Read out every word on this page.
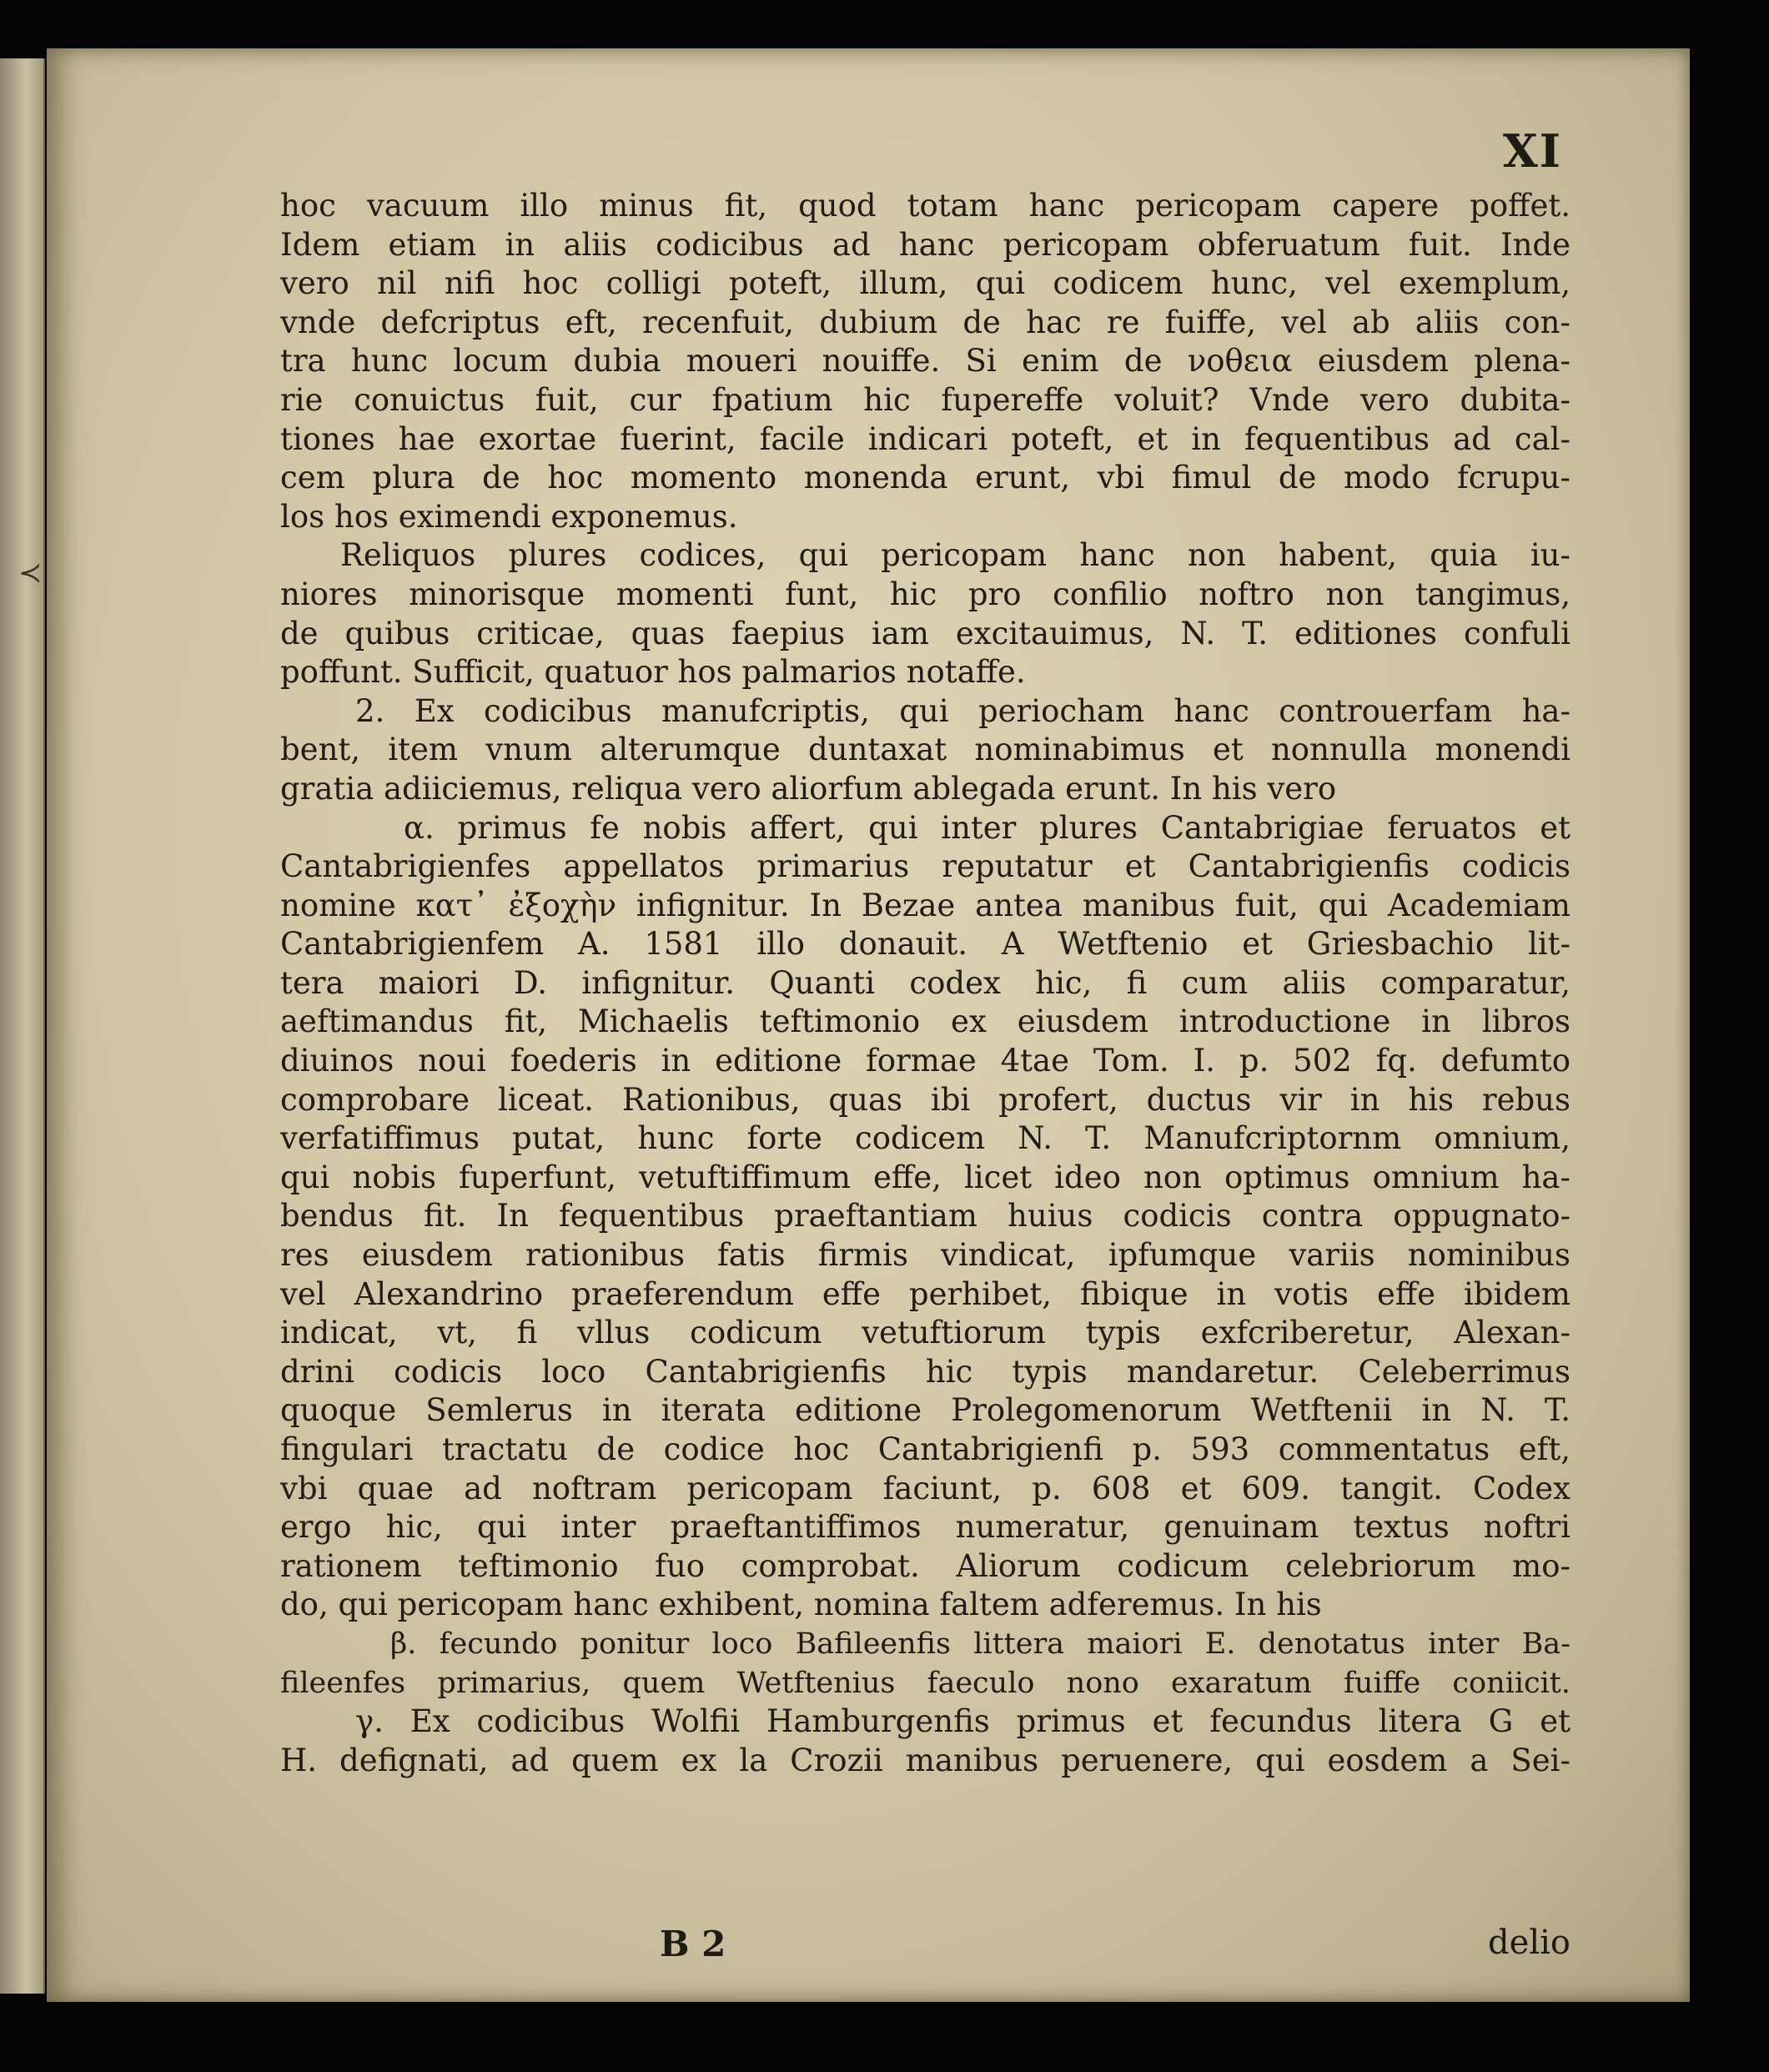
≺
XI
hoc vacuum illo minus fit, quod totam hanc pericopam capere poffet.
Idem etiam in aliis codicibus ad hanc pericopam obferuatum fuit. Inde
vero nil nifi hoc colligi poteft, illum, qui codicem hunc, vel exemplum,
vnde defcriptus eft, recenfuit, dubium de hac re fuiffe, vel ab aliis con-
tra hunc locum dubia moueri nouiffe. Si enim de νοθεια eiusdem plena-
rie conuictus fuit, cur fpatium hic fupereffe voluit? Vnde vero dubita-
tiones hae exortae fuerint, facile indicari poteft, et in fequentibus ad cal-
cem plura de hoc momento monenda erunt, vbi fimul de modo fcrupu-
los hos eximendi exponemus.
Reliquos plures codices, qui pericopam hanc non habent, quia iu-
niores minorisque momenti funt, hic pro confilio noftro non tangimus,
de quibus criticae, quas faepius iam excitauimus, N. T. editiones confuli
poffunt. Sufficit, quatuor hos palmarios notaffe.
2. Ex codicibus manufcriptis, qui periocham hanc controuerfam ha-
bent, item vnum alterumque duntaxat nominabimus et nonnulla monendi
gratia adiiciemus, reliqua vero aliorfum ablegada erunt. In his vero
α. primus fe nobis affert, qui inter plures Cantabrigiae feruatos et
Cantabrigienfes appellatos primarius reputatur et Cantabrigienfis codicis
nomine κατ᾽ ἐξοχὴν infignitur. In Bezae antea manibus fuit, qui Academiam
Cantabrigienfem A. 1581 illo donauit. A Wetftenio et Griesbachio lit-
tera maiori D. infignitur. Quanti codex hic, fi cum aliis comparatur,
aeftimandus fit, Michaelis teftimonio ex eiusdem introductione in libros
diuinos noui foederis in editione formae 4tae Tom. I. p. 502 fq. defumto
comprobare liceat. Rationibus, quas ibi profert, ductus vir in his rebus
verfatiffimus putat, hunc forte codicem N. T. Manufcriptornm omnium,
qui nobis fuperfunt, vetuftiffimum effe, licet ideo non optimus omnium ha-
bendus fit. In fequentibus praeftantiam huius codicis contra oppugnato-
res eiusdem rationibus fatis firmis vindicat, ipfumque variis nominibus
vel Alexandrino praeferendum effe perhibet, fibique in votis effe ibidem
indicat, vt, fi vllus codicum vetuftiorum typis exfcriberetur, Alexan-
drini codicis loco Cantabrigienfis hic typis mandaretur. Celeberrimus
quoque Semlerus in iterata editione Prolegomenorum Wetftenii in N. T.
fingulari tractatu de codice hoc Cantabrigienfi p. 593 commentatus eft,
vbi quae ad noftram pericopam faciunt, p. 608 et 609. tangit. Codex
ergo hic, qui inter praeftantiffimos numeratur, genuinam textus noftri
rationem teftimonio fuo comprobat. Aliorum codicum celebriorum mo-
do, qui pericopam hanc exhibent, nomina faltem adferemus. In his
β. fecundo ponitur loco Bafileenfis littera maiori E. denotatus inter Ba-
fileenfes primarius, quem Wetftenius faeculo nono exaratum fuiffe coniicit.
γ. Ex codicibus Wolfii Hamburgenfis primus et fecundus litera G et
H. defignati, ad quem ex la Crozii manibus peruenere, qui eosdem a Sei-
B 2	delio
